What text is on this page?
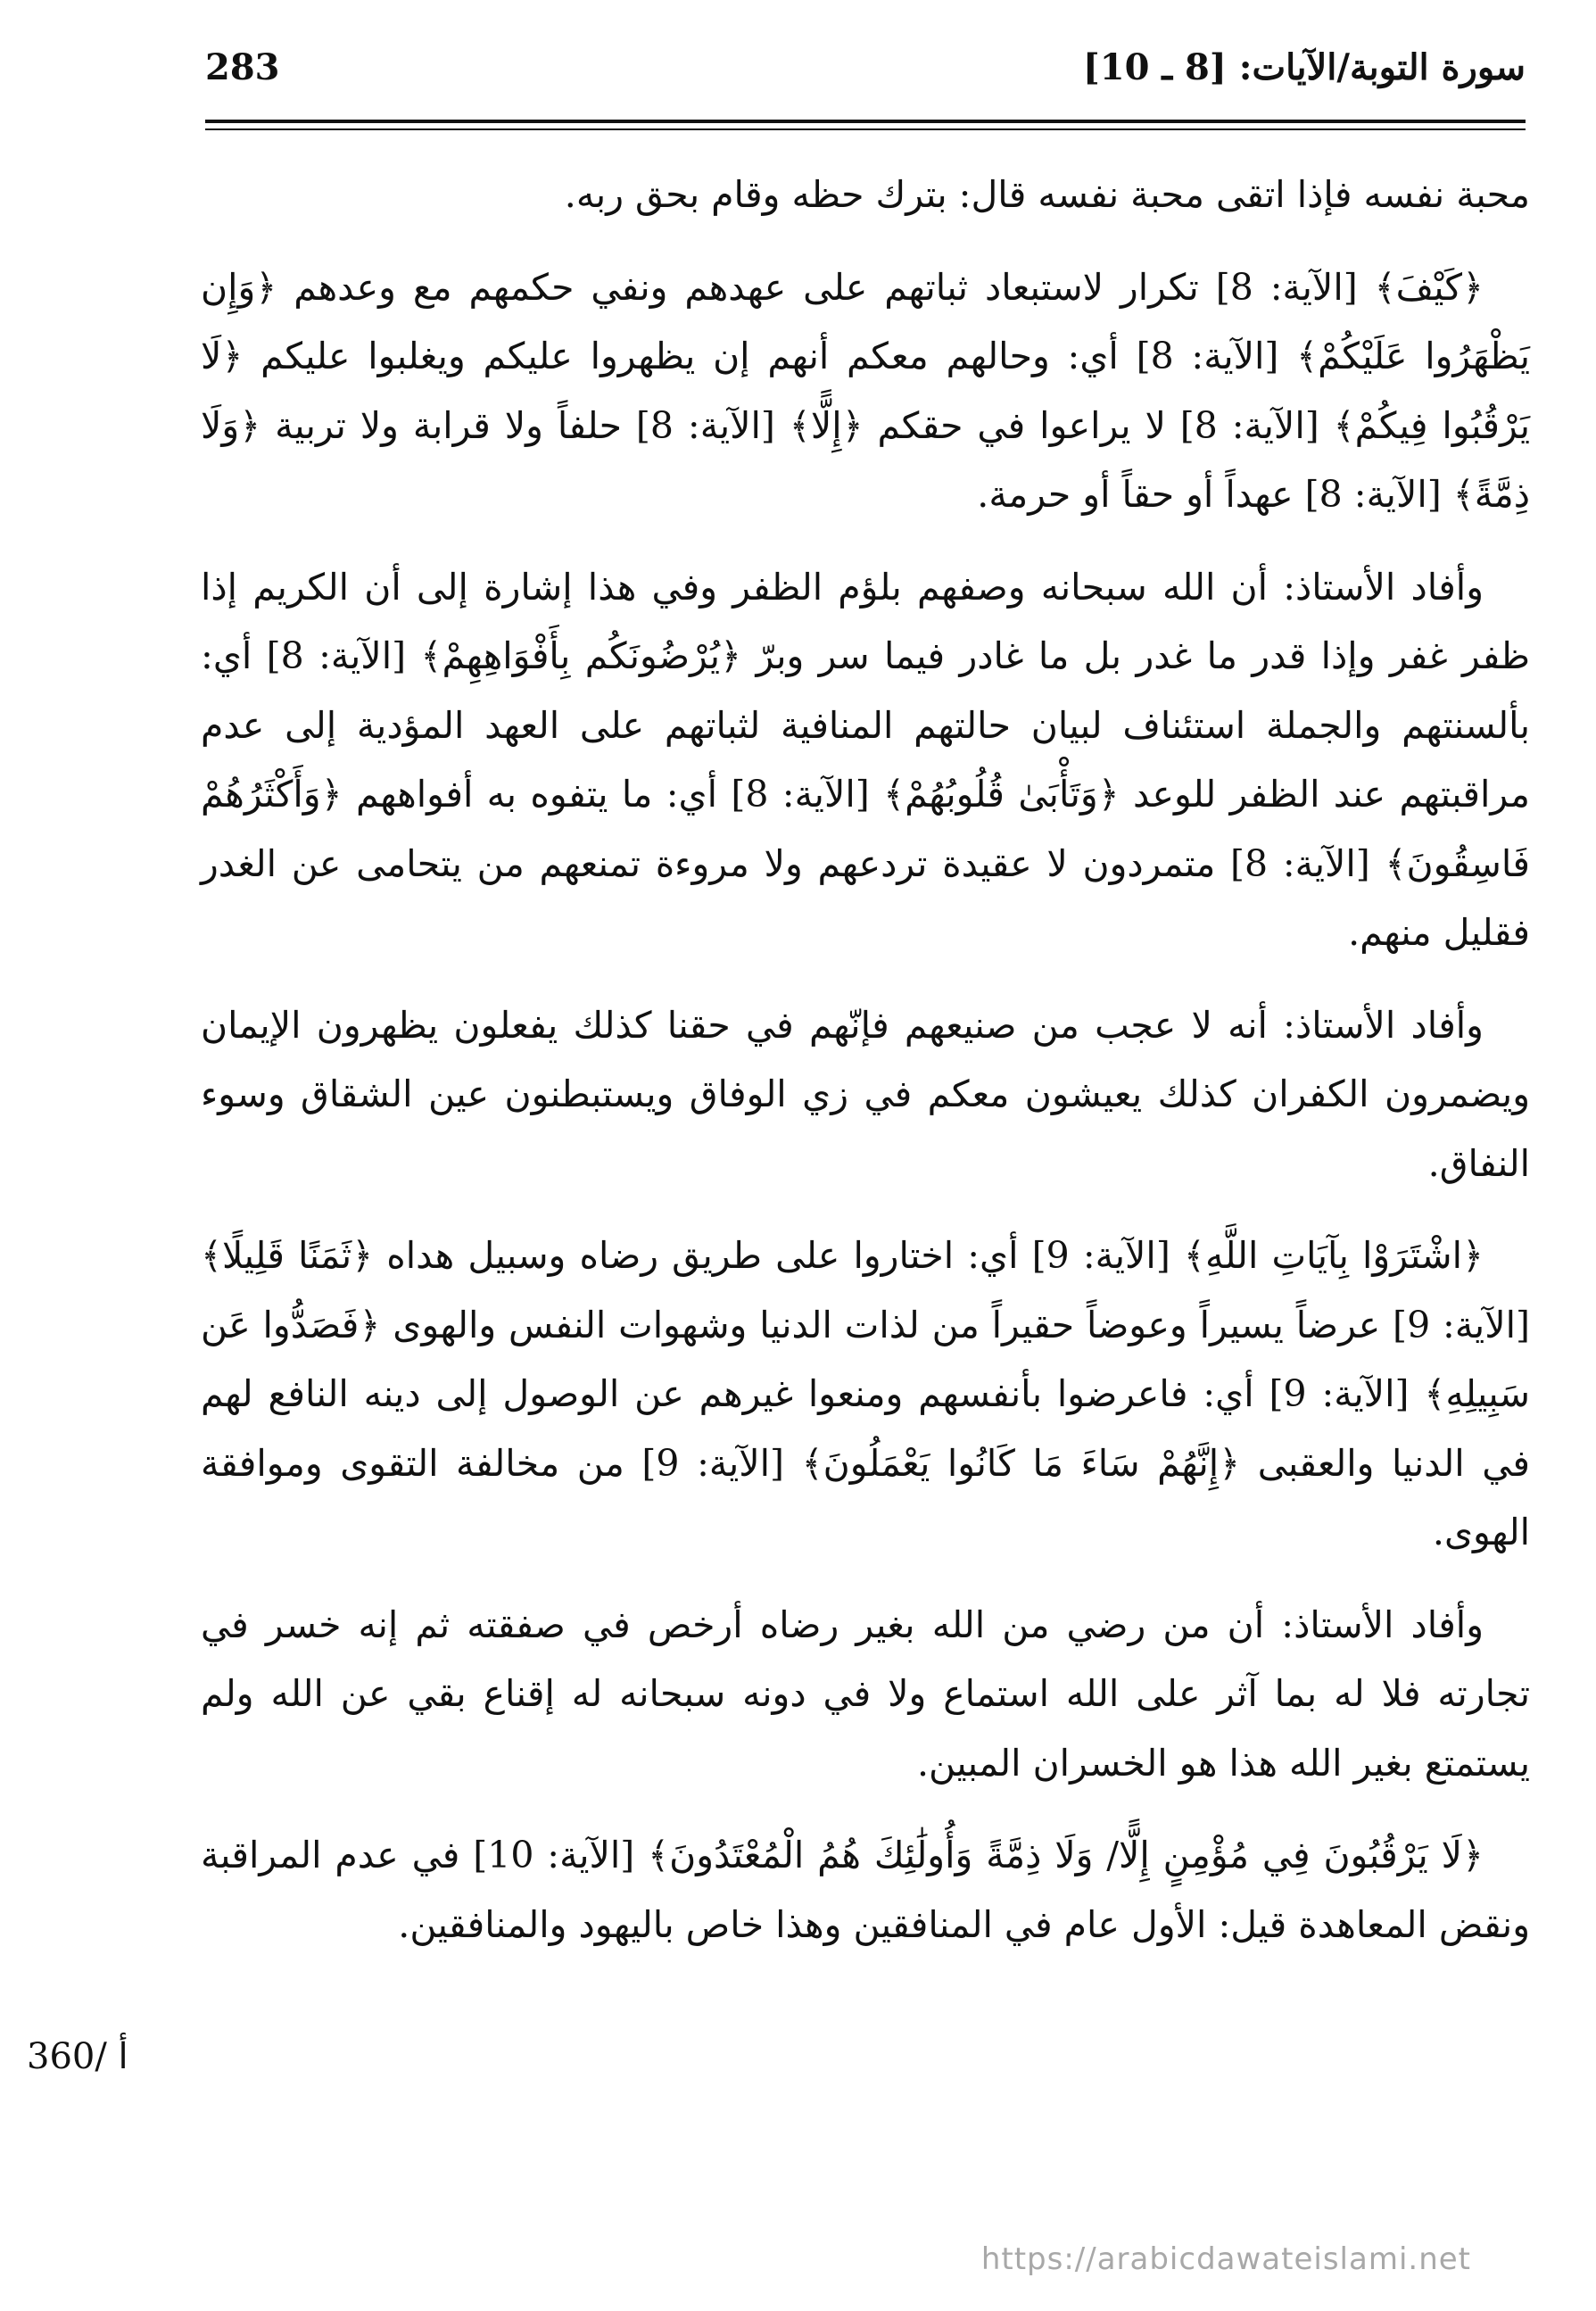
سورة التوبة/الآيات: [8 ـ 10]
283

محبة نفسه فإذا اتقى محبة نفسه قال: بترك حظه وقام بحق ربه.

﴿كَيْفَ﴾ [الآية: 8] تكرار لاستبعاد ثباتهم على عهدهم ونفي حكمهم مع وعدهم ﴿وَإِن يَظْهَرُوا عَلَيْكُمْ﴾ [الآية: 8] أي: وحالهم معكم أنهم إن يظهروا عليكم ويغلبوا عليكم ﴿لَا يَرْقُبُوا فِيكُمْ﴾ [الآية: 8] لا يراعوا في حقكم ﴿إِلًّا﴾ [الآية: 8] حلفاً ولا قرابة ولا تربية ﴿وَلَا ذِمَّةً﴾ [الآية: 8] عهداً أو حقاً أو حرمة.

وأفاد الأستاذ: أن الله سبحانه وصفهم بلؤم الظفر وفي هذا إشارة إلى أن الكريم إذا ظفر غفر وإذا قدر ما غدر بل ما غادر فيما سر وبرّ ﴿يُرْضُونَكُم بِأَفْوَاهِهِمْ﴾ [الآية: 8] أي: بألسنتهم والجملة استئناف لبيان حالتهم المنافية لثباتهم على العهد المؤدية إلى عدم مراقبتهم عند الظفر للوعد ﴿وَتَأْبَىٰ قُلُوبُهُمْ﴾ [الآية: 8] أي: ما يتفوه به أفواههم ﴿وَأَكْثَرُهُمْ فَاسِقُونَ﴾ [الآية: 8] متمردون لا عقيدة تردعهم ولا مروءة تمنعهم من يتحامى عن الغدر فقليل منهم.

وأفاد الأستاذ: أنه لا عجب من صنيعهم فإنّهم في حقنا كذلك يفعلون يظهرون الإيمان ويضمرون الكفران كذلك يعيشون معكم في زي الوفاق ويستبطنون عين الشقاق وسوء النفاق.

﴿اشْتَرَوْا بِآيَاتِ اللَّهِ﴾ [الآية: 9] أي: اختاروا على طريق رضاه وسبيل هداه ﴿ثَمَنًا قَلِيلًا﴾ [الآية: 9] عرضاً يسيراً وعوضاً حقيراً من لذات الدنيا وشهوات النفس والهوى ﴿فَصَدُّوا عَن سَبِيلِهِ﴾ [الآية: 9] أي: فاعرضوا بأنفسهم ومنعوا غيرهم عن الوصول إلى دينه النافع لهم في الدنيا والعقبى ﴿إِنَّهُمْ سَاءَ مَا كَانُوا يَعْمَلُونَ﴾ [الآية: 9] من مخالفة التقوى وموافقة الهوى.

وأفاد الأستاذ: أن من رضي من الله بغير رضاه أرخص في صفقته ثم إنه خسر في تجارته فلا له بما آثر على الله استماع ولا في دونه سبحانه له إقناع بقي عن الله ولم يستمتع بغير الله هذا هو الخسران المبين.

﴿لَا يَرْقُبُونَ فِي مُؤْمِنٍ إِلًّا/ وَلَا ذِمَّةً وَأُولَٰئِكَ هُمُ الْمُعْتَدُونَ﴾ [الآية: 10] في عدم المراقبة ونقض المعاهدة قيل: الأول عام في المنافقين وهذا خاص باليهود والمنافقين.

360/ أ
https://arabicdawateislami.net
